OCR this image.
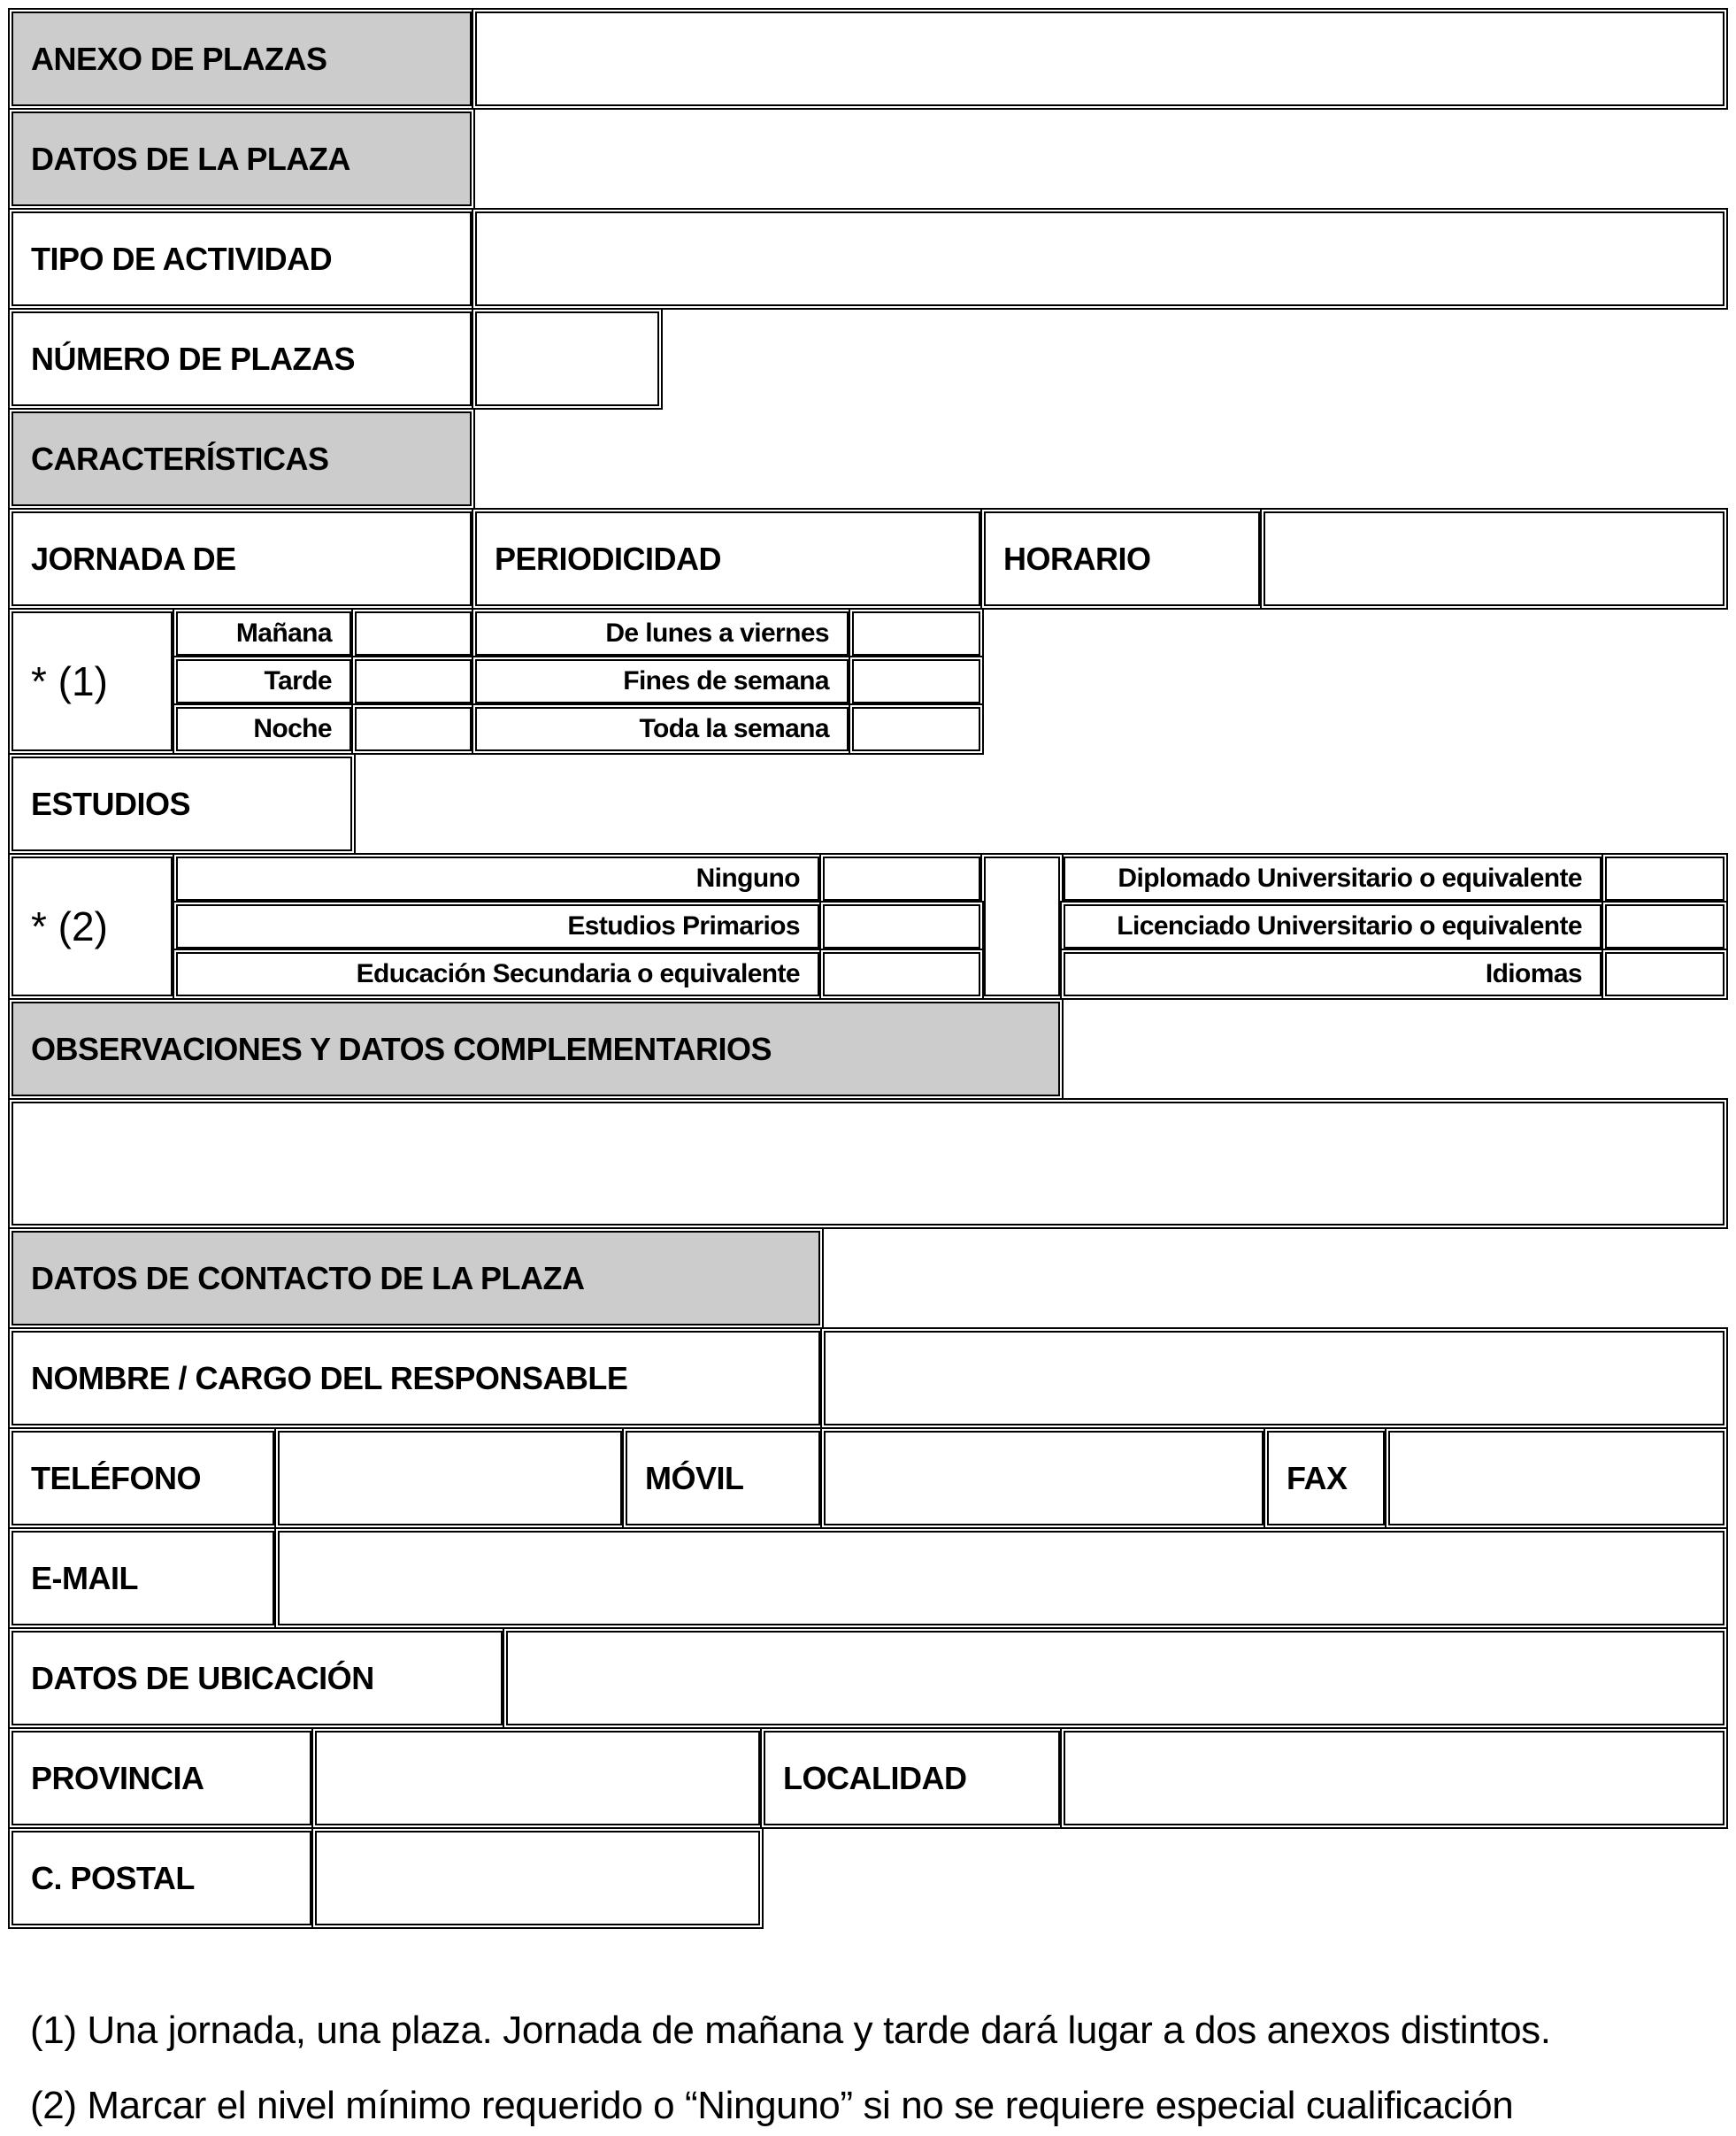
ANEXO DE PLAZAS
DATOS DE LA PLAZA
TIPO DE ACTIVIDAD
NÚMERO DE PLAZAS
CARACTERÍSTICAS
JORNADA DE	PERIODICIDAD	HORARIO
* (1)
Mañana	De lunes a viernes
Tarde	Fines de semana
Noche	Toda la semana
ESTUDIOS
* (2)
Ninguno	Diplomado Universitario o equivalente
Estudios Primarios	Licenciado Universitario o equivalente
Educación Secundaria o equivalente	Idiomas
OBSERVACIONES Y DATOS COMPLEMENTARIOS
DATOS DE CONTACTO DE LA PLAZA
NOMBRE / CARGO DEL RESPONSABLE
TELÉFONO	MÓVIL	FAX
E-MAIL
DATOS DE UBICACIÓN
PROVINCIA	LOCALIDAD
C. POSTAL
(1) Una jornada, una plaza. Jornada de mañana y tarde dará lugar a dos anexos distintos.
(2) Marcar el nivel mínimo requerido o “Ninguno” si no se requiere especial cualificación
